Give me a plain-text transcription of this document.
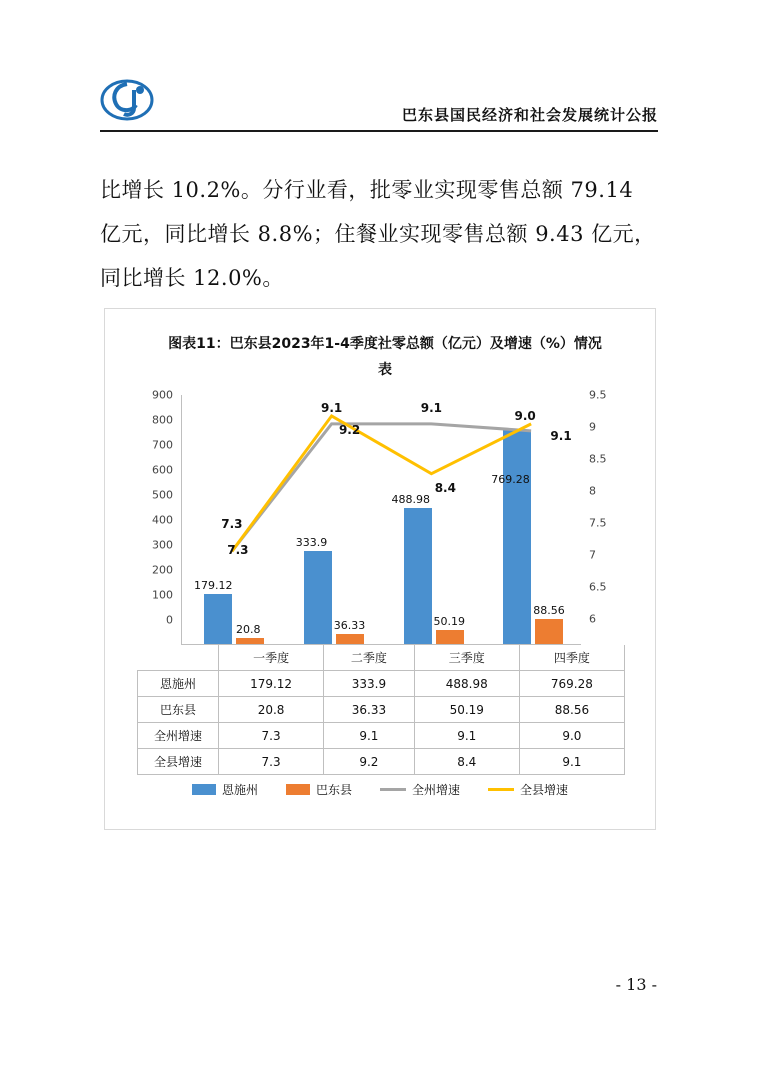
巴东县国民经济和社会发展统计公报
比增长 10.2%。分行业看，批零业实现零售总额 79.14 亿元，同比增长 8.8%；住餐业实现零售总额 9.43 亿元，同比增长 12.0%。
图表11：巴东县2023年1-4季度社零总额（亿元）及增速（%）情况表
900
800
700
600
500
400
300
200
100
0
9.5
9
8.5
8
7.5
7
6.5
6
179.12
20.8
333.9
36.33
488.98
50.19
769.28
88.56
7.3
9.1	9.1
9.0
7.3
9.2
8.4
9.1
	一季度	二季度	三季度	四季度
恩施州	179.12	333.9	488.98	769.28
巴东县	20.8	36.33	50.19	88.56
全州增速	7.3	9.1	9.1	9.0
全县增速	7.3	9.2	8.4	9.1
恩施州	巴东县	全州增速	全县增速
- 13 -
